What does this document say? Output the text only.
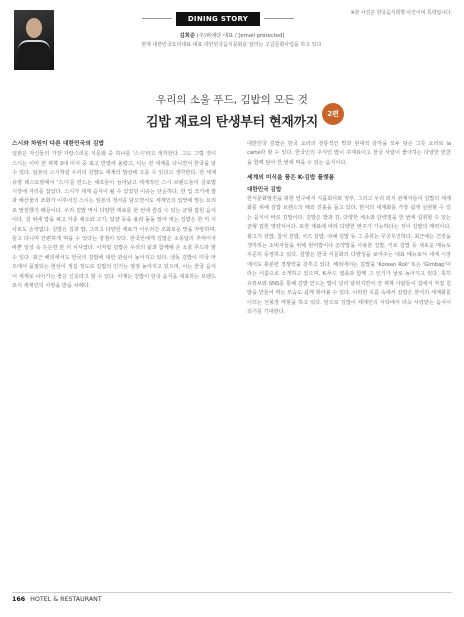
※본 사진은 한국음식희명 사진이며 특허입니다.
DINING STORY
김희준 (주)위에다 대표 / [email protected]
현재 대한민국요리대표 대표 대한민국음식문화를 알리는 고급문화사업을 하고 있다.
우리의 소울 푸드, 김밥의 모든 것
김밥 재료의 탄생부터 현재까지
2편
스시와 차원이 다른 대한민국의 김밥

일본은 자신들의 가장 자랑스러운 식문화 중 하나를 '스시'라고 생각한다. 그도 그럴 것이 스시는 이미 전 세계 3대 미식 중 최고 반열에 올랐고, 이는 전 세계를 다니면서 한국을 알 수 있다. 일본의 스시처럼 우리의 김밥도 세계의 밥상에 오를 수 있다고 생각한다. 전 세계 유명 레스토랑에서 '스시'를 만드는 셰프들이 늘어났고 세계적인 스시 브랜드들이 글로벌 시장에 자리를 잡았다. 스시가 세계 음식이 될 수 있었던 이유는 단순하다. 한 입 크기에 쌀과 해산물의 조화가 이루어진 스시는 일본의 정서를 담으면서도 세계인의 입맛에 맞는 요리로 발전했기 때문이다. 우리 김밥 역시 다양한 재료를 한 번에 즐길 수 있는 균형 잡힌 음식이다. 김 위에 밥을 펴고 각종 채소와 고기, 달걀 등을 올려 돌돌 말아 먹는 김밥은 한 끼 식사로도 손색없다. 김밥은 김과 밥, 그리고 다양한 재료가 어우러진 조화로운 맛을 자랑하며, 들고 다니며 간편하게 먹을 수 있다는 장점이 있다. 한국인에게 김밥은 소풍날의 추억이자 바쁜 일상 속 든든한 한 끼 식사였다. 이처럼 김밥은 우리의 삶과 함께해 온 소울 푸드라 할 수 있다. 최근 해외에서도 한국의 김밥에 대한 관심이 높아지고 있다. 냉동 김밥이 미국 마트에서 품절되는 현상이 생길 정도로 김밥의 인기는 점점 높아지고 있으며, 이는 한국 음식이 세계로 나아가는 좋은 신호라고 할 수 있다. 이제는 김밥이 한국 음식을 대표하는 브랜드로서 세계인의 사랑을 받을 차례다.

대한민국 김밥은 한국 요리의 전통적인 맛과 현대적 감각을 모두 담은 그릇 요리로 la carte라 할 수 있다. 한국인의 주식인 밥이 주재료이고 한국 사람이 좋아하는 다양한 반찬을 함께 담아 한 번에 먹을 수 있는 음식이다.

세계의 미식을 품은 K-김밥 플랫폼
대한민국 김밥

한식문화발전을 위한 연구에서 식품회사와 정부, 그리고 우리 외식 관계자들이 김밥의 세계화를 위해 김밥 브랜드의 해외 진출을 돕고 있다. 한식의 세계화를 가장 쉽게 실현할 수 있는 음식이 바로 김밥이다. 김밥은 밥과 김, 다양한 채소와 단백질을 한 번에 섭취할 수 있는 균형 잡힌 영양식이다. 또한 재료에 따라 다양한 변주가 가능하다는 것이 김밥의 매력이다. 불고기 김밥, 참치 김밥, 치즈 김밥, 야채 김밥 등 그 종류는 무궁무진하다. 최근에는 건강을 생각하는 소비자들을 위해 현미밥이나 곤약밥을 사용한 김밥, 키토 김밥 등 새로운 메뉴도 꾸준히 등장하고 있다. 김밥은 한국 식문화의 다양성을 보여주는 대표 메뉴로서 세계 시장에서도 충분한 경쟁력을 갖추고 있다. 해외에서는 김밥을 'Korean Roll' 또는 'Gimbap'이라는 이름으로 소개하고 있으며, K-푸드 열풍과 함께 그 인기가 날로 높아지고 있다. 특히 유튜브와 SNS를 통해 김밥 만드는 법이 널리 알려지면서 전 세계 사람들이 집에서 직접 김밥을 만들어 먹는 모습도 쉽게 찾아볼 수 있다. 이러한 흐름 속에서 김밥은 한식의 세계화를 이끄는 선봉장 역할을 하고 있다. 앞으로 김밥이 세계인의 식탁에서 더욱 사랑받는 음식이 되기를 기대한다.

166 HOTEL & RESTAURANT
